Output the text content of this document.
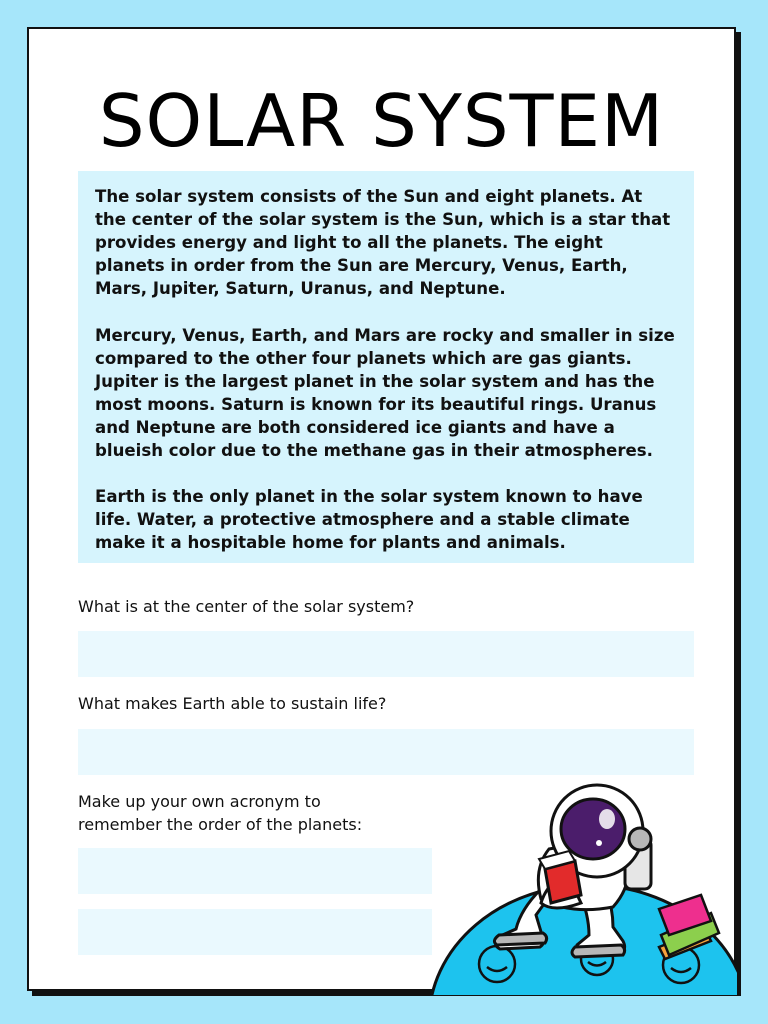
SOLAR SYSTEM

The solar system consists of the Sun and eight planets. At the center of the solar system is the Sun, which is a star that provides energy and light to all the planets. The eight planets in order from the Sun are Mercury, Venus, Earth, Mars, Jupiter, Saturn, Uranus, and Neptune.

Mercury, Venus, Earth, and Mars are rocky and smaller in size compared to the other four planets which are gas giants. Jupiter is the largest planet in the solar system and has the most moons. Saturn is known for its beautiful rings. Uranus and Neptune are both considered ice giants and have a blueish color due to the methane gas in their atmospheres.

Earth is the only planet in the solar system known to have life. Water, a protective atmosphere and a stable climate make it a hospitable home for plants and animals.

What is at the center of the solar system?
What makes Earth able to sustain life?
Make up your own acronym to remember the order of the planets:
